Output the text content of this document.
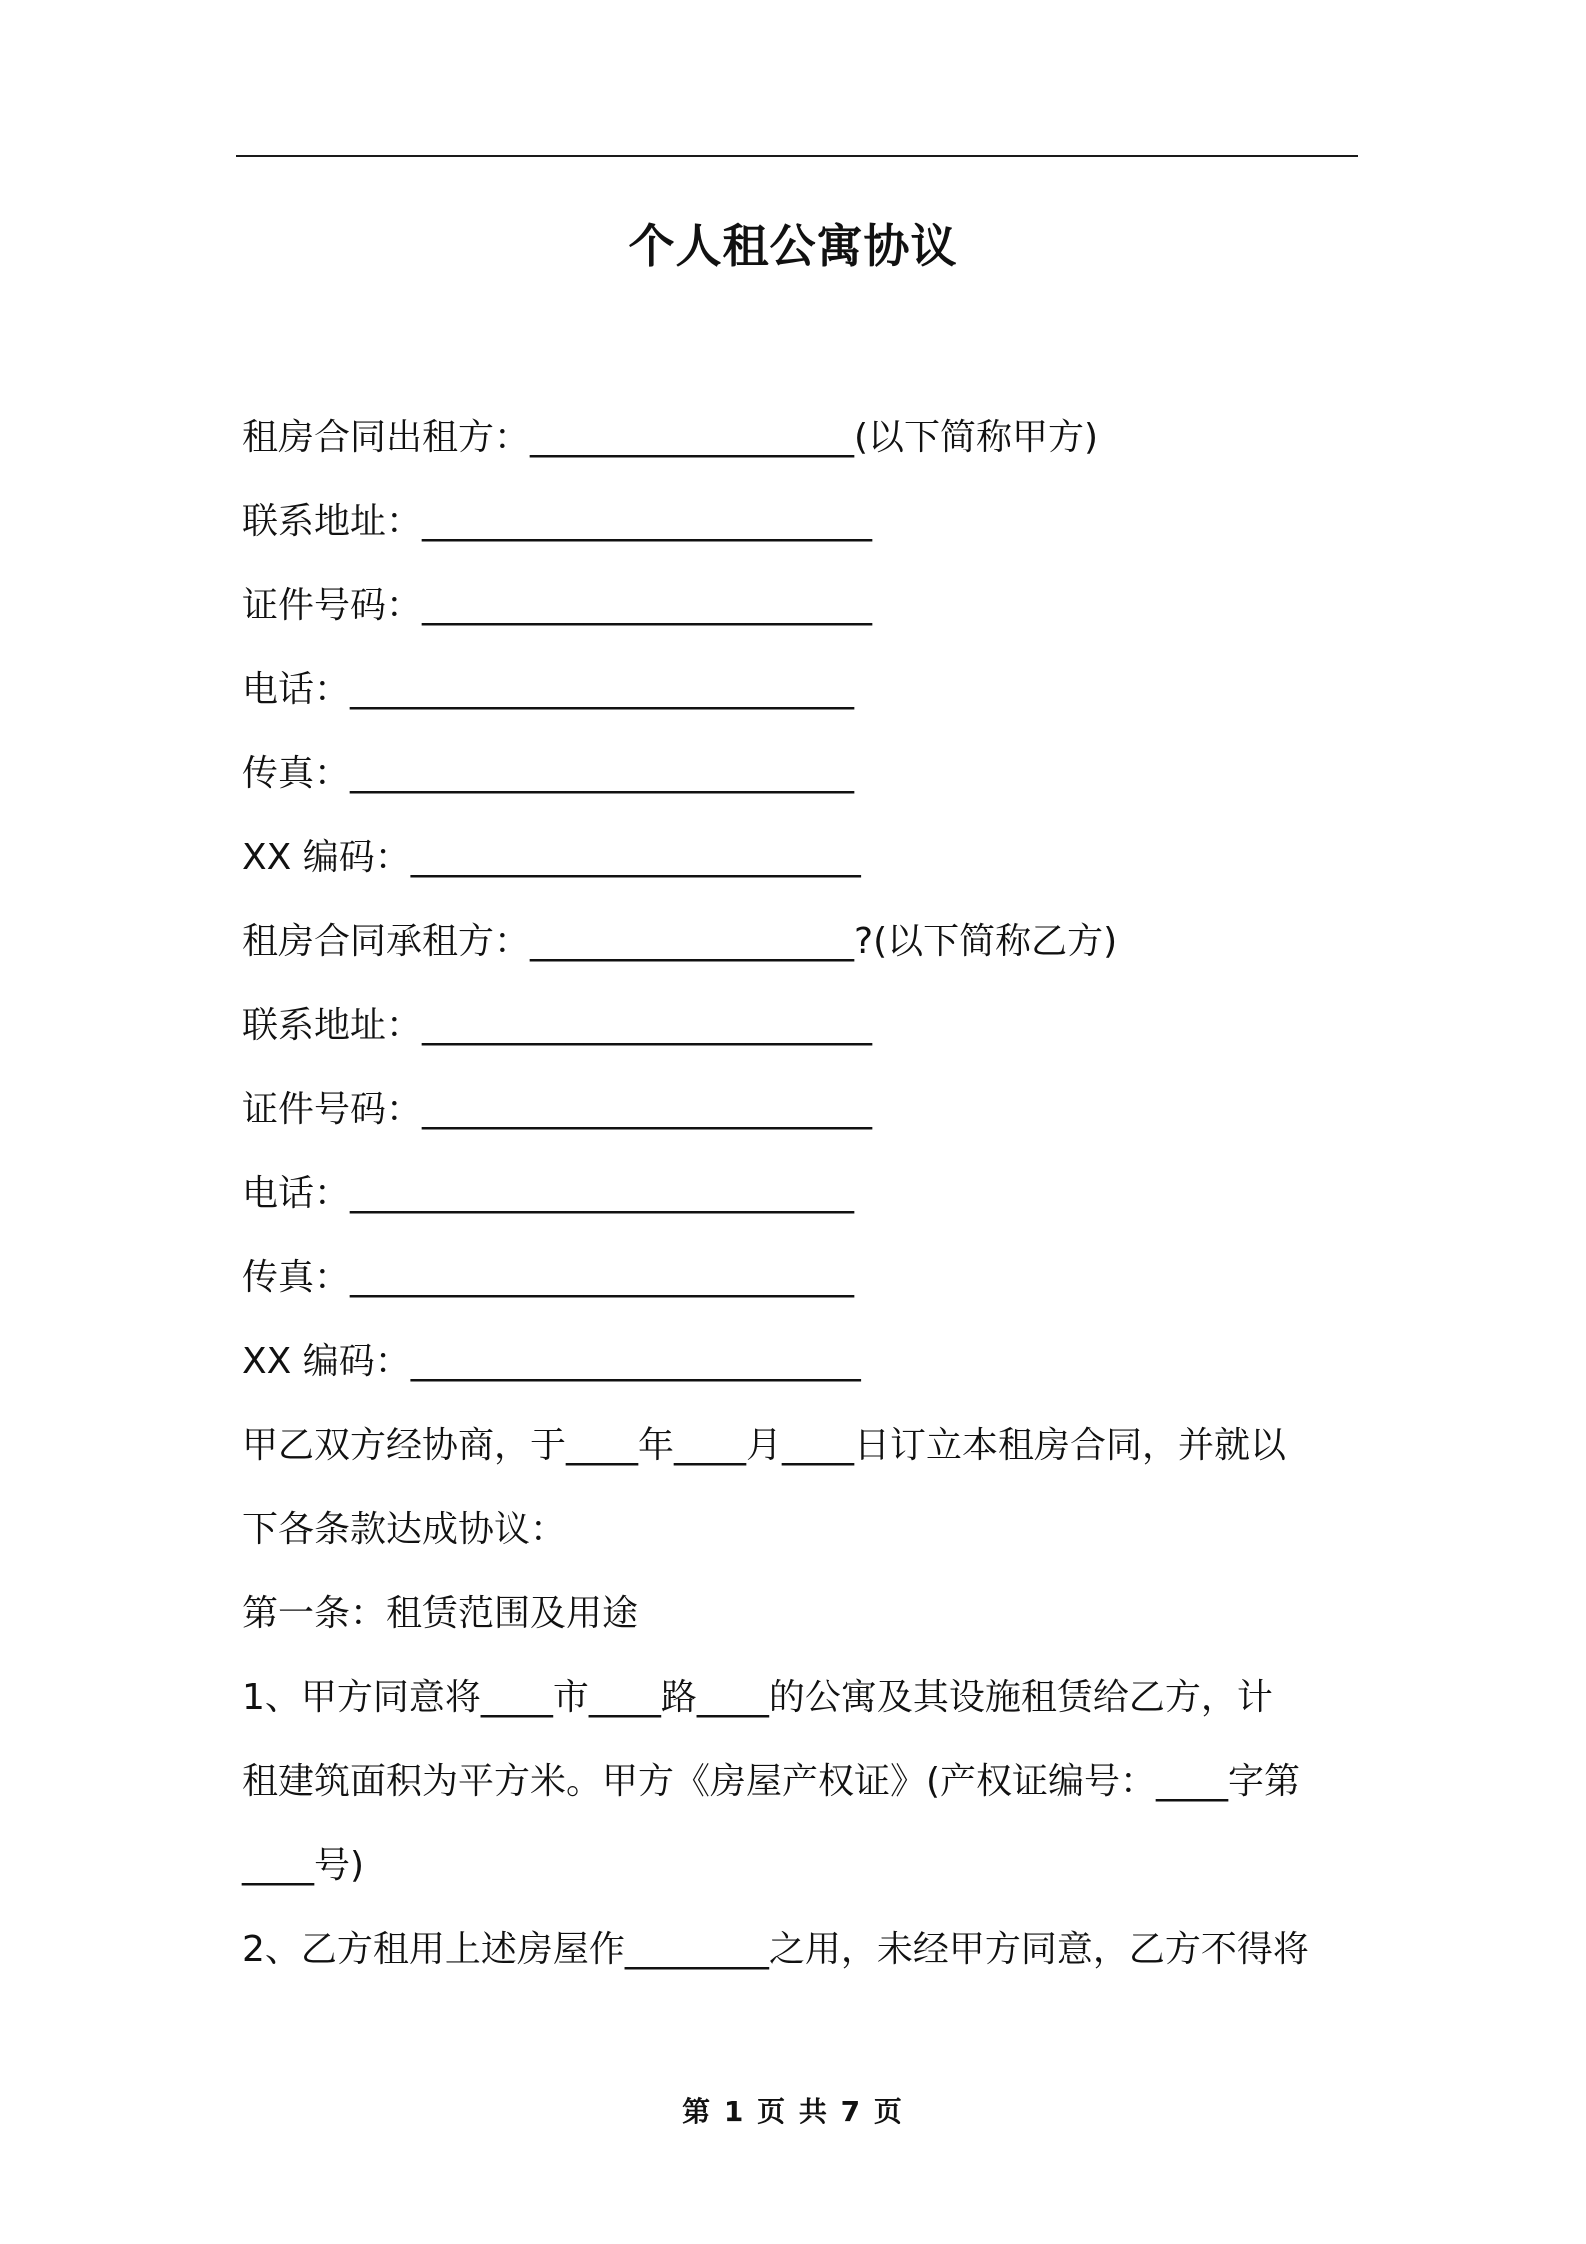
个人租公寓协议
租房合同出租方：__________________(以下简称甲方)
联系地址：_________________________
证件号码：_________________________
电话：____________________________
传真：____________________________
XX 编码：_________________________
租房合同承租方：__________________?(以下简称乙方)
联系地址：_________________________
证件号码：_________________________
电话：____________________________
传真：____________________________
XX 编码：_________________________
甲乙双方经协商，于____年____月____日订立本租房合同，并就以
下各条款达成协议：
第一条：租赁范围及用途
1、甲方同意将____市____路____的公寓及其设施租赁给乙方，计
租建筑面积为平方米。甲方《房屋产权证》(产权证编号：____字第
____号)
2、乙方租用上述房屋作________之用，未经甲方同意，乙方不得将
第 1 页 共 7 页
